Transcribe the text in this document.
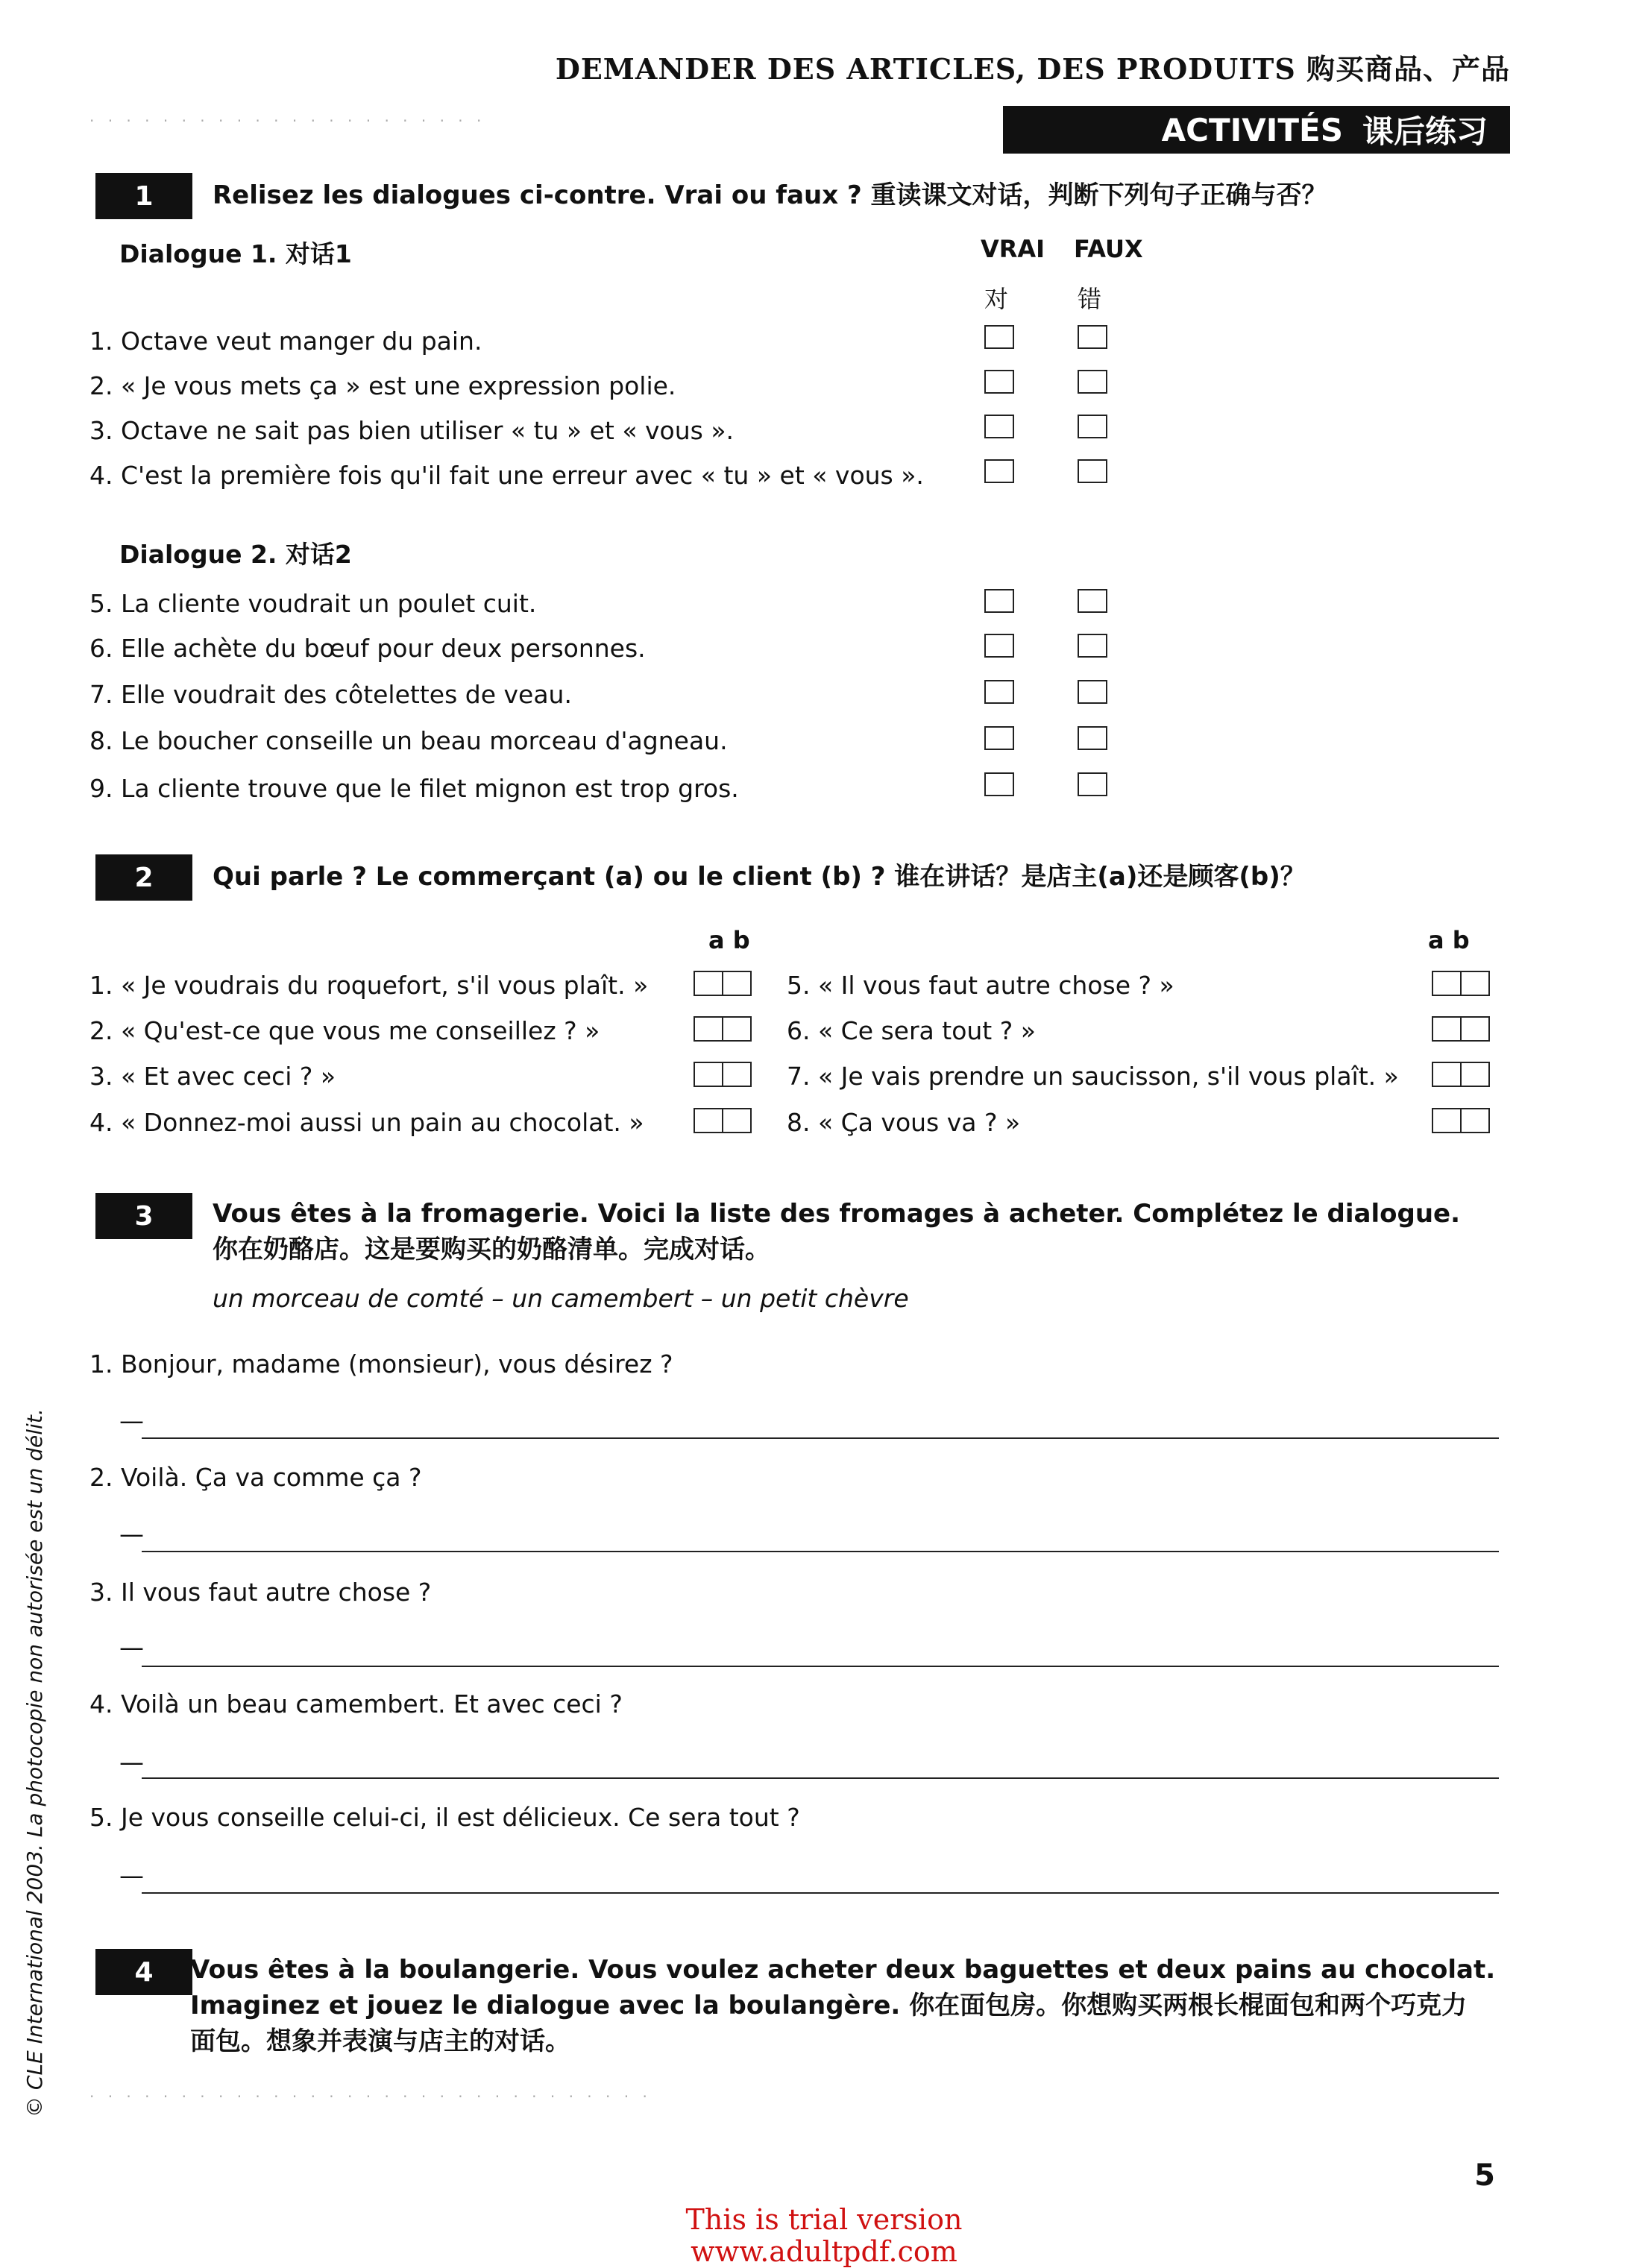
DEMANDER DES ARTICLES, DES PRODUITS 购买商品、产品
· · · · · · · · · · · · · · · · · · · · · ·	ACTIVITÉS 课后练习
1	Relisez les dialogues ci-contre. Vrai ou faux ? 重读课文对话，判断下列句子正确与否？
Dialogue 1. 对话1	VRAI FAUX
对	错
1. Octave veut manger du pain.
2. « Je vous mets ça » est une expression polie.
3. Octave ne sait pas bien utiliser « tu » et « vous ».
4. C'est la première fois qu'il fait une erreur avec « tu » et « vous ».
Dialogue 2. 对话2
5. La cliente voudrait un poulet cuit.
6. Elle achète du bœuf pour deux personnes.
7. Elle voudrait des côtelettes de veau.
8. Le boucher conseille un beau morceau d'agneau.
9. La cliente trouve que le filet mignon est trop gros.
2	Qui parle ? Le commerçant (a) ou le client (b) ? 谁在讲话？是店主(a)还是顾客(b)？
a b	a b
1. « Je voudrais du roquefort, s'il vous plaît. »
2. « Qu'est-ce que vous me conseillez ? »
3. « Et avec ceci ? »
4. « Donnez-moi aussi un pain au chocolat. »
5. « Il vous faut autre chose ? »
6. « Ce sera tout ? »
7. « Je vais prendre un saucisson, s'il vous plaît. »
8. « Ça vous va ? »
3	Vous êtes à la fromagerie. Voici la liste des fromages à acheter. Complétez le dialogue. 你在奶酪店。这是要购买的奶酪清单。完成对话。
un morceau de comté – un camembert – un petit chèvre
1. Bonjour, madame (monsieur), vous désirez ?
—
2. Voilà. Ça va comme ça ?
—
3. Il vous faut autre chose ?
—
4. Voilà un beau camembert. Et avec ceci ?
—
5. Je vous conseille celui-ci, il est délicieux. Ce sera tout ?
—
4	Vous êtes à la boulangerie. Vous voulez acheter deux baguettes et deux pains au chocolat.
Imaginez et jouez le dialogue avec la boulangère. 你在面包房。你想购买两根长棍面包和两个巧克力
面包。想象并表演与店主的对话。
· · · · · · · · · · · · · · · · · · · · · · · · · · · · · · ·
© CLE International 2003. La photocopie non autorisée est un délit.
5
This is trial version
www.adultpdf.com
